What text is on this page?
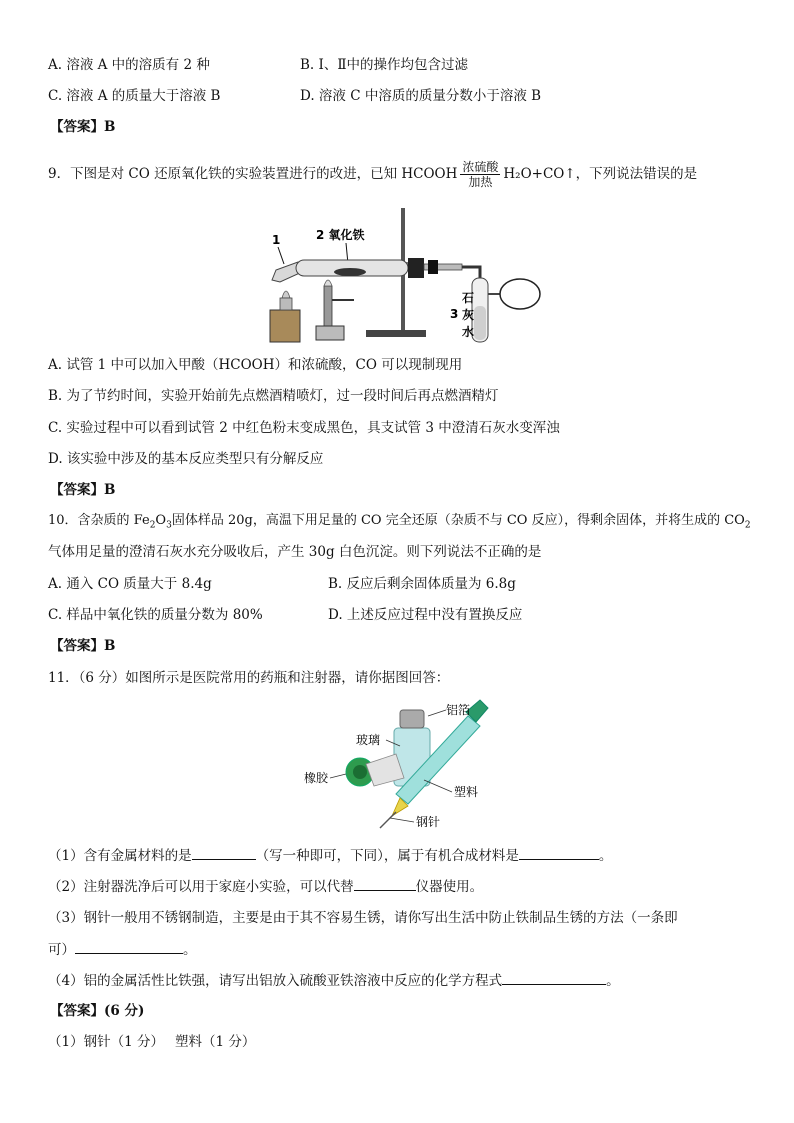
A. 溶液 A 中的溶质有 2 种	B. Ⅰ、Ⅱ中的操作均包含过滤
C. 溶液 A 的质量大于溶液 B	D. 溶液 C 中溶质的质量分数小于溶液 B
【答案】B
9．下图是对 CO 还原氧化铁的实验装置进行的改进，已知 HCOOH $\frac{\text{浓硫酸}}{\text{加热}}$ H₂O+CO↑，下列说法错误的是
1	2 氧化铁
3
石
灰
水
A. 试管 1 中可以加入甲酸（HCOOH）和浓硫酸，CO 可以现制现用
B. 为了节约时间，实验开始前先点燃酒精喷灯，过一段时间后再点燃酒精灯
C. 实验过程中可以看到试管 2 中红色粉末变成黑色，具支试管 3 中澄清石灰水变浑浊
D. 该实验中涉及的基本反应类型只有分解反应
【答案】B
10．含杂质的 $Fe_2O_3$固体样品 20g，高温下用足量的 CO 完全还原（杂质不与 CO 反应），得剩余固体，并将生成的 $CO_2$
气体用足量的澄清石灰水充分吸收后，产生 30g 白色沉淀。则下列说法不正确的是
A. 通入 CO 质量大于 8.4g	B. 反应后剩余固体质量为 6.8g
C. 样品中氧化铁的质量分数为 80%	D. 上述反应过程中没有置换反应
【答案】B
11．（6 分）如图所示是医院常用的药瓶和注射器，请你据图回答：
铝箔
玻璃
橡胶
塑料
钢针
（1）含有金属材料的是	（写一种即可，下同），属于有机合成材料是	。
（2）注射器洗净后可以用于家庭小实验，可以代替	仪器使用。
（3）钢针一般用不锈钢制造，主要是由于其不容易生锈，请你写出生活中防止铁制品生锈的方法（一条即
可）	。
（4）铝的金属活性比铁强，请写出铝放入硫酸亚铁溶液中反应的化学方程式	。
【答案】(6 分)
（1）钢针（1 分）　 塑料（1 分）
